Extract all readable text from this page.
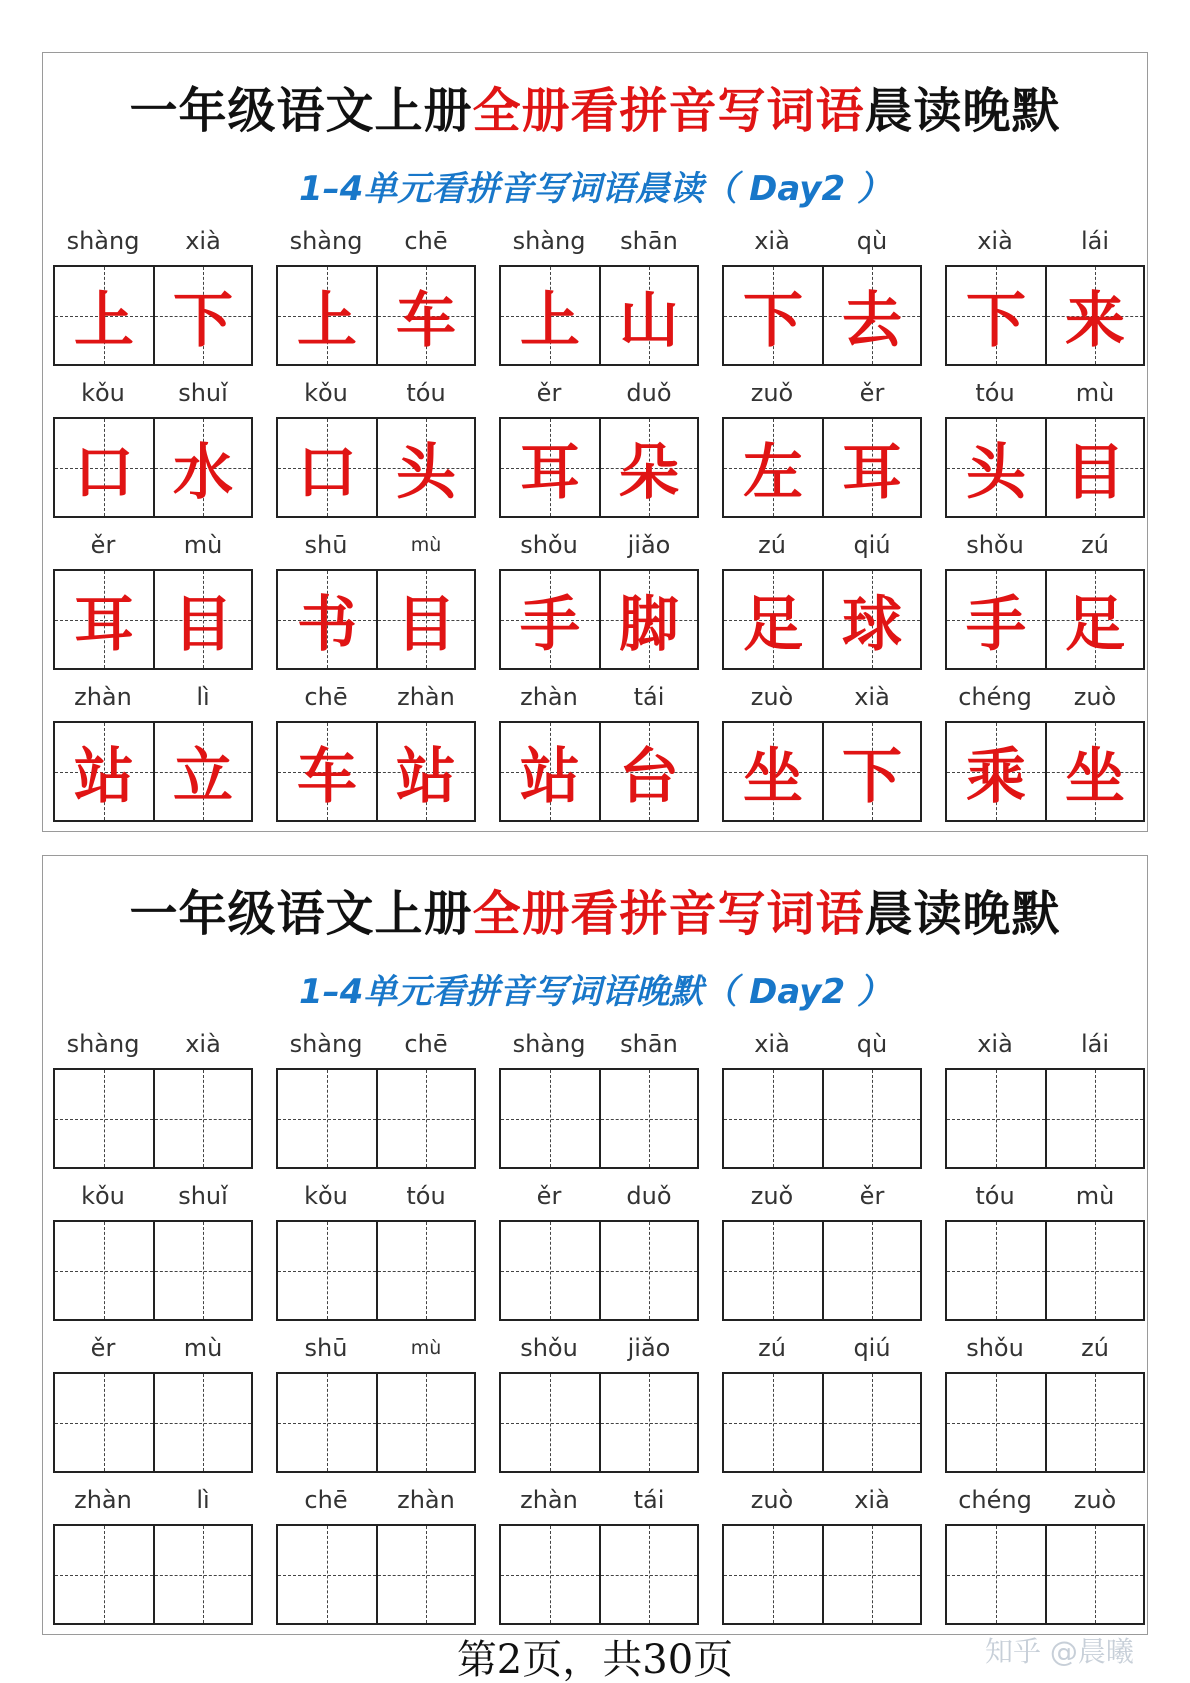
一年级语文上册全册看拼音写词语晨读晚默
1–4单元看拼音写词语晨读（ Day2 ）
shàng	xià
上 下
shàng	chē
上 车
shàng	shān
上 山
xià	qù
下 去
xià	lái
下 来
kǒu	shuǐ
口 水
kǒu	tóu
口 头
ěr	duǒ
耳 朵
zuǒ	ěr
左 耳
tóu	mù
头 目
ěr	mù
耳 目
shū	mù
书 目
shǒu	jiǎo
手 脚
zú	qiú
足 球
shǒu	zú
手 足
zhàn	lì
站 立
chē	zhàn
车 站
zhàn	tái
站 台
zuò	xià
坐 下
chéng	zuò
乘 坐
一年级语文上册全册看拼音写词语晨读晚默
1–4单元看拼音写词语晚默（ Day2 ）
shàng	xià	shàng	chē	shàng	shān	xià	qù	xià	lái
kǒu	shuǐ	kǒu	tóu	ěr	duǒ	zuǒ	ěr	tóu	mù
ěr	mù	shū	mù	shǒu	jiǎo	zú	qiú	shǒu	zú
zhàn	lì	chē	zhàn	zhàn	tái	zuò	xià	chéng	zuò
第2页，共30页	知乎 @晨曦
